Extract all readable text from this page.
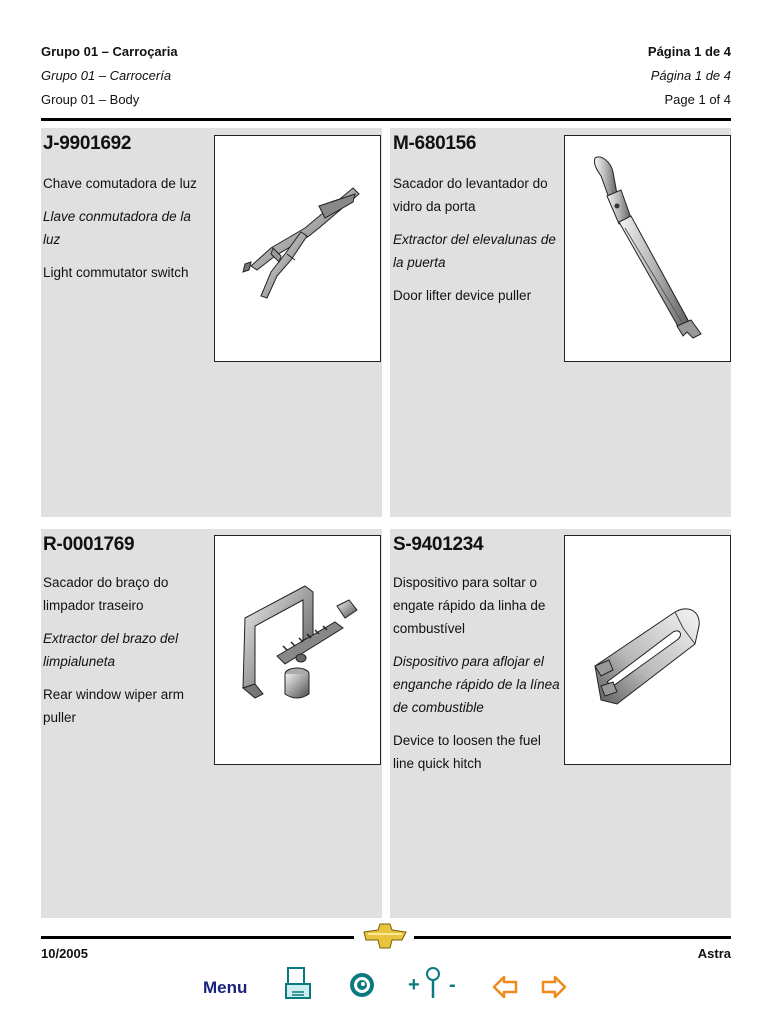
Grupo 01 – Carroçaria
Grupo 01 – Carrocería
Group 01 – Body
Página 1 de 4
Página 1 de 4
Page 1 of 4
J-9901692
Chave comutadora de luz
Llave conmutadora de la luz
Light commutator switch
M-680156
Sacador do levantador do vidro da porta
Extractor del elevalunas de la puerta
Door lifter device puller
R-0001769
Sacador do braço do limpador traseiro
Extractor del brazo del limpialuneta
Rear window wiper arm puller
S-9401234
Dispositivo para soltar o engate rápido da linha de combustível
Dispositivo para aflojar el enganche rápido de la línea de combustible
Device to loosen the fuel line quick hitch
10/2005	Astra
Menu	+ -
